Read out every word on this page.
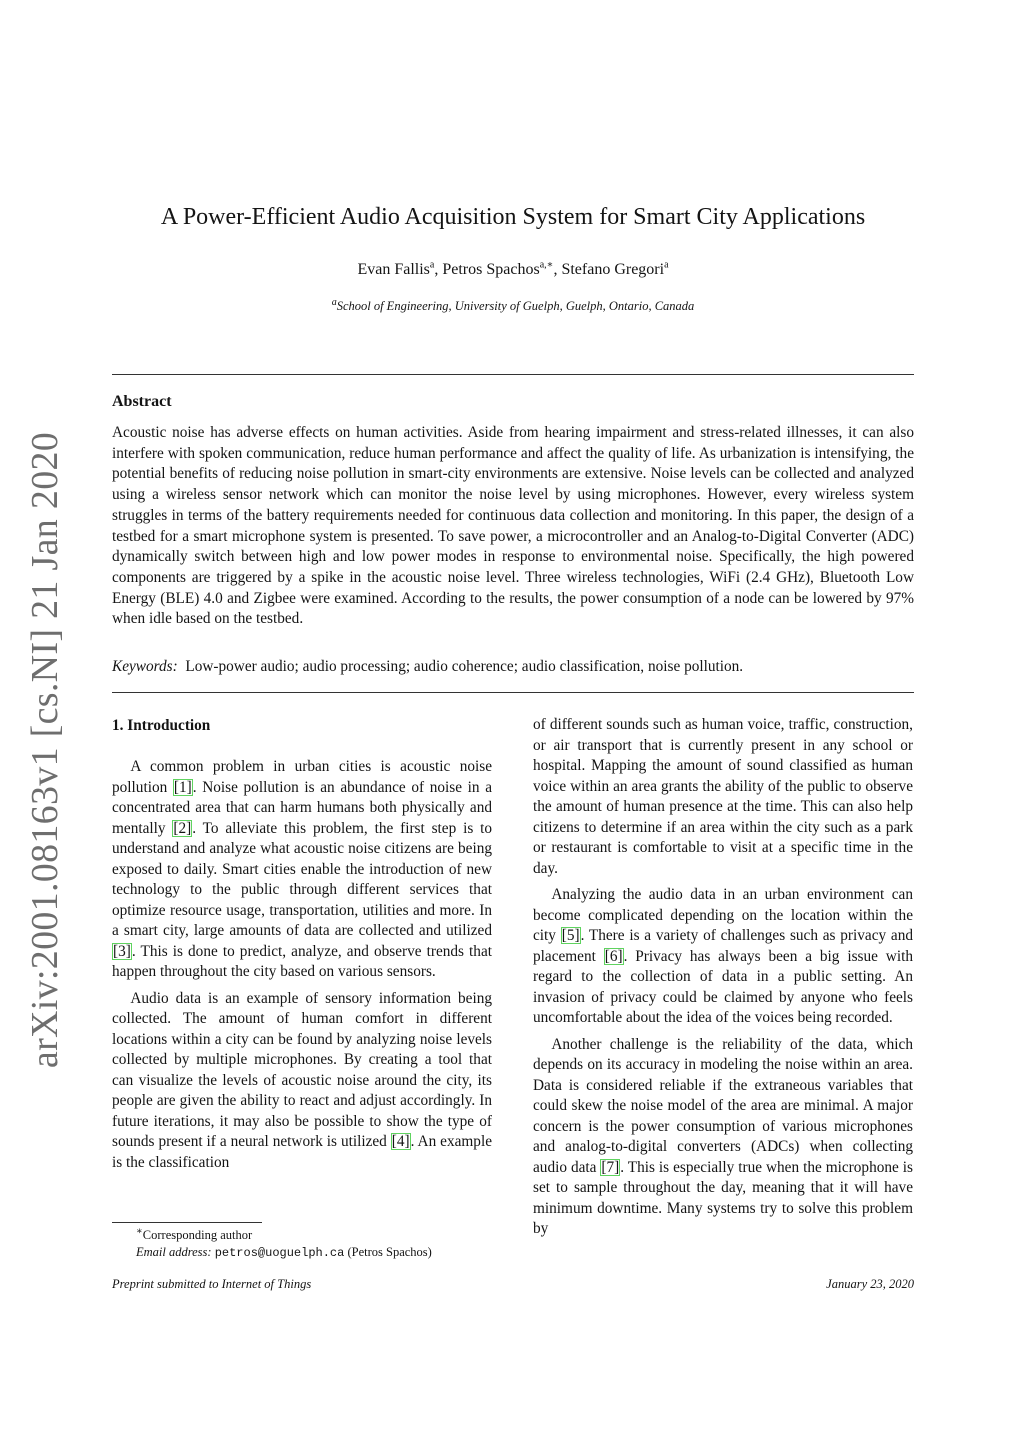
arXiv:2001.08163v1 [cs.NI] 21 Jan 2020
A Power-Efficient Audio Acquisition System for Smart City Applications
Evan Fallis$^a$, Petros Spachos$^{a,∗}$, Stefano Gregori$^a$
$^a$School of Engineering, University of Guelph, Guelph, Ontario, Canada
Abstract

Acoustic noise has adverse effects on human activities. Aside from hearing impairment and stress-related illnesses, it can also interfere with spoken communication, reduce human performance and affect the quality of life. As urbanization is intensifying, the potential benefits of reducing noise pollution in smart-city environments are extensive. Noise levels can be collected and analyzed using a wireless sensor network which can monitor the noise level by using microphones. However, every wireless system struggles in terms of the battery requirements needed for continuous data collection and monitoring. In this paper, the design of a testbed for a smart microphone system is presented. To save power, a microcontroller and an Analog-to-Digital Converter (ADC) dynamically switch between high and low power modes in response to environmental noise. Specifically, the high powered components are triggered by a spike in the acoustic noise level. Three wireless technologies, WiFi (2.4 GHz), Bluetooth Low Energy (BLE) 4.0 and Zigbee were examined. According to the results, the power consumption of a node can be lowered by 97% when idle based on the testbed.

Keywords: Low-power audio; audio processing; audio coherence; audio classification, noise pollution.

1. Introduction

A common problem in urban cities is acoustic noise pollution [1]. Noise pollution is an abundance of noise in a concentrated area that can harm humans both physically and mentally [2]. To alleviate this problem, the first step is to understand and analyze what acoustic noise citizens are being exposed to daily. Smart cities enable the introduction of new technology to the public through different services that optimize resource usage, transportation, utilities and more. In a smart city, large amounts of data are collected and utilized [3]. This is done to predict, analyze, and observe trends that happen throughout the city based on various sensors.

Audio data is an example of sensory information being collected. The amount of human comfort in different locations within a city can be found by analyzing noise levels collected by multiple microphones. By creating a tool that can visualize the levels of acoustic noise around the city, its people are given the ability to react and adjust accordingly. In future iterations, it may also be possible to show the type of sounds present if a neural network is utilized [4]. An example is the classification

of different sounds such as human voice, traffic, construction, or air transport that is currently present in any school or hospital. Mapping the amount of sound classified as human voice within an area grants the ability of the public to observe the amount of human presence at the time. This can also help citizens to determine if an area within the city such as a park or restaurant is comfortable to visit at a specific time in the day.

Analyzing the audio data in an urban environment can become complicated depending on the location within the city [5]. There is a variety of challenges such as privacy and placement [6]. Privacy has always been a big issue with regard to the collection of data in a public setting. An invasion of privacy could be claimed by anyone who feels uncomfortable about the idea of the voices being recorded.

Another challenge is the reliability of the data, which depends on its accuracy in modeling the noise within an area. Data is considered reliable if the extraneous variables that could skew the noise model of the area are minimal. A major concern is the power consumption of various microphones and analog-to-digital converters (ADCs) when collecting audio data [7]. This is especially true when the microphone is set to sample throughout the day, meaning that it will have minimum downtime. Many systems try to solve this problem by

∗Corresponding author
Email address: petros@uoguelph.ca (Petros Spachos)
Preprint submitted to Internet of Things	January 23, 2020
